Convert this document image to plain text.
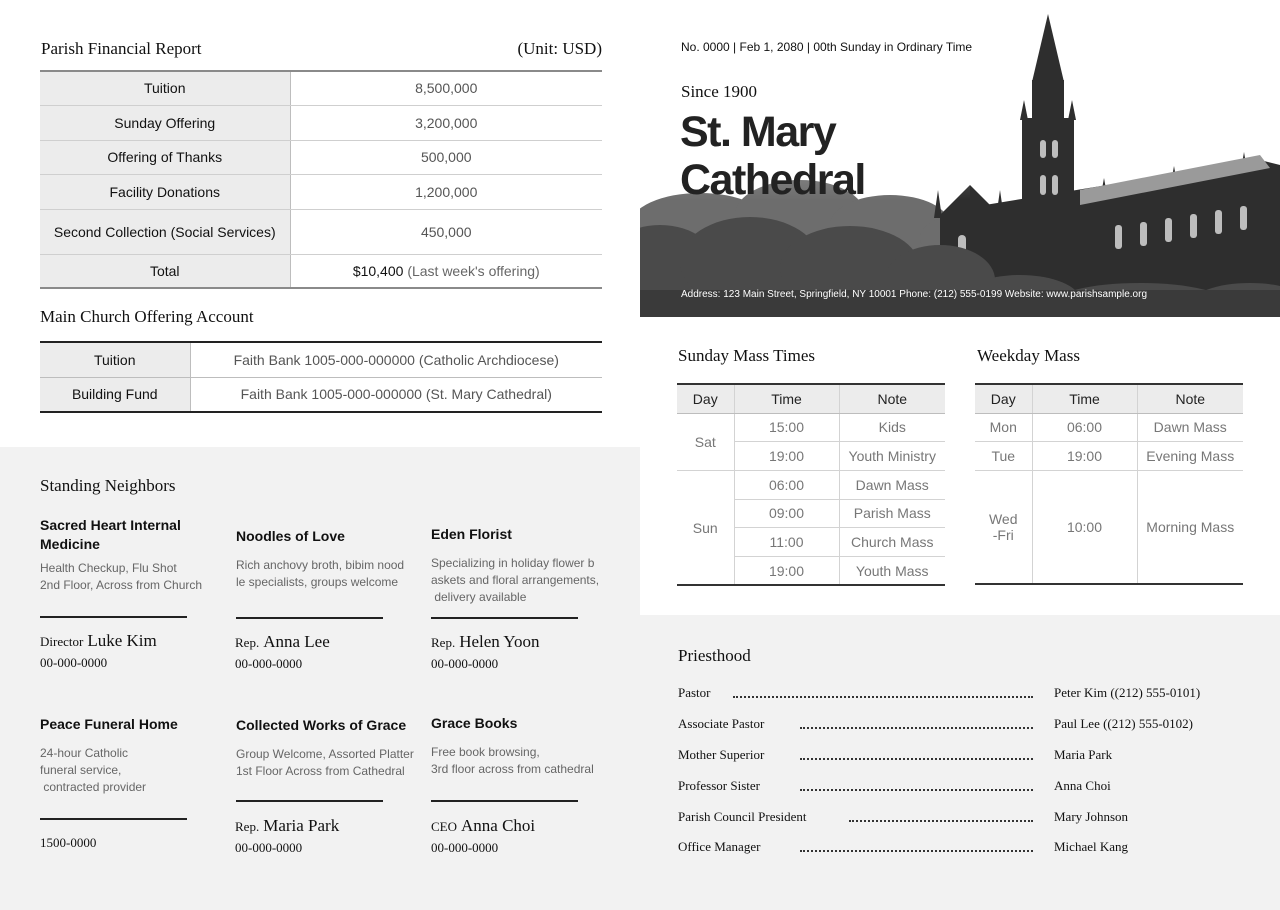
Parish Financial Report	(Unit: USD)
Tuition	8,500,000
Sunday Offering	3,200,000
Offering of Thanks	500,000
Facility Donations	1,200,000
Second Collection (Social Services)	450,000
Total	$10,400 (Last week's offering)
Main Church Offering Account
Tuition	Faith Bank 1005-000-000000 (Catholic Archdiocese)
Building Fund	Faith Bank 1005-000-000000 (St. Mary Cathedral)
No. 0000 | Feb 1, 2080 | 00th Sunday in Ordinary Time
Since 1900
St. Mary
Cathedral
Address: 123 Main Street, Springfield, NY 10001 Phone: (212) 555-0199 Website: www.parishsample.org
Sunday Mass Times	Weekday Mass
Day	Time	Note
Sat	15:00	Kids
	19:00	Youth Ministry
Sun	06:00	Dawn Mass
	09:00	Parish Mass
	11:00	Church Mass
	19:00	Youth Mass
Day	Time	Note
Mon	06:00	Dawn Mass
Tue	19:00	Evening Mass

Wed
-Fri	10:00	Morning Mass
Standing Neighbors
Sacred Heart Internal Medicine
Health Checkup, Flu Shot
2nd Floor, Across from Church
Director Luke Kim
00-000-0000
Noodles of Love
Rich anchovy broth, bibim nood
le specialists, groups welcome
Rep. Anna Lee
00-000-0000
Eden Florist
Specializing in holiday flower b
askets and floral arrangements,
delivery available
Rep. Helen Yoon
00-000-0000
Peace Funeral Home
24-hour Catholic
funeral service,
contracted provider
1500-0000
Collected Works of Grace
Group Welcome, Assorted Platter
1st Floor Across from Cathedral
Rep. Maria Park
00-000-0000
Grace Books
Free book browsing,
3rd floor across from cathedral
CEO Anna Choi
00-000-0000
Priesthood
Pastor	Peter Kim ((212) 555-0101)
Associate Pastor	Paul Lee ((212) 555-0102)
Mother Superior	Maria Park
Professor Sister	Anna Choi
Parish Council President	Mary Johnson
Office Manager	Michael Kang
